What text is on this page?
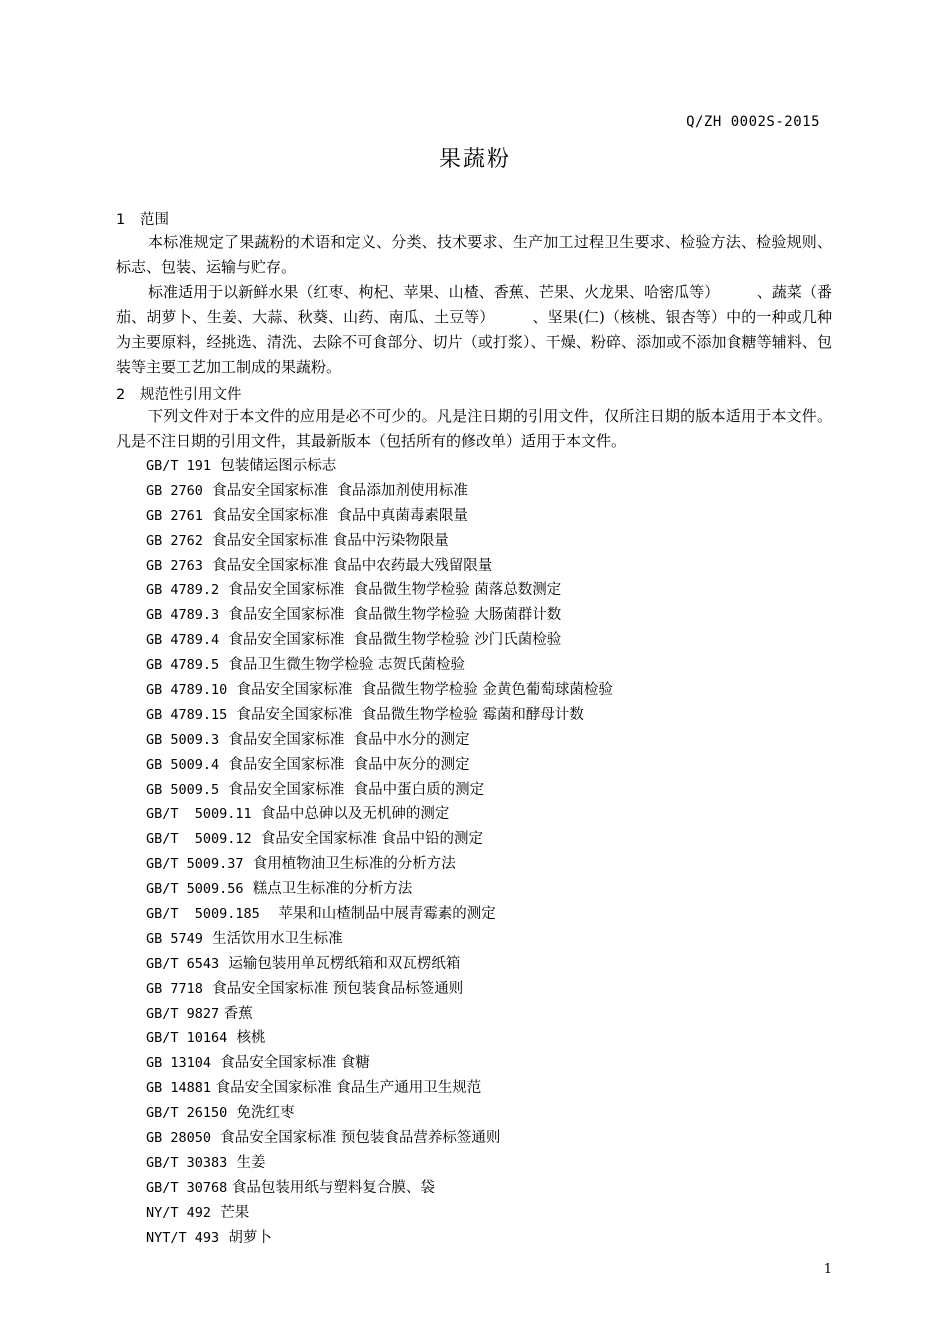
Q/ZH 0002S-2015
果蔬粉
1 范围

本标准规定了果蔬粉的术语和定义、分类、技术要求、生产加工过程卫生要求、检验方法、检验规则、标志、包装、运输与贮存。

标准适用于以新鲜水果（红枣、枸杞、苹果、山楂、香蕉、芒果、火龙果、哈密瓜等）　　　、蔬菜（番茄、胡萝卜、生姜、大蒜、秋葵、山药、南瓜、土豆等）　　　、坚果(仁)（核桃、银杏等）中的一种或几种为主要原料，经挑选、清洗、去除不可食部分、切片（或打浆）、干燥、粉碎、添加或不添加食糖等辅料、包装等主要工艺加工制成的果蔬粉。

2 规范性引用文件

下列文件对于本文件的应用是必不可少的。凡是注日期的引用文件，仅所注日期的版本适用于本文件。凡是不注日期的引用文件，其最新版本（包括所有的修改单）适用于本文件。

GB/T 191 包装储运图示标志
GB 2760 食品安全国家标准  食品添加剂使用标准
GB 2761 食品安全国家标准  食品中真菌毒素限量
GB 2762 食品安全国家标准 食品中污染物限量
GB 2763 食品安全国家标准 食品中农药最大残留限量
GB 4789.2 食品安全国家标准  食品微生物学检验 菌落总数测定
GB 4789.3 食品安全国家标准  食品微生物学检验 大肠菌群计数
GB 4789.4 食品安全国家标准  食品微生物学检验 沙门氏菌检验
GB 4789.5 食品卫生微生物学检验 志贺氏菌检验
GB 4789.10 食品安全国家标准  食品微生物学检验 金黄色葡萄球菌检验
GB 4789.15 食品安全国家标准  食品微生物学检验 霉菌和酵母计数
GB 5009.3 食品安全国家标准  食品中水分的测定
GB 5009.4 食品安全国家标准  食品中灰分的测定
GB 5009.5 食品安全国家标准  食品中蛋白质的测定
GB/T  5009.11 食品中总砷以及无机砷的测定
GB/T  5009.12 食品安全国家标准 食品中铅的测定
GB/T 5009.37 食用植物油卫生标准的分析方法
GB/T 5009.56 糕点卫生标准的分析方法
GB/T  5009.185 苹果和山楂制品中展青霉素的测定
GB 5749 生活饮用水卫生标准
GB/T 6543 运输包装用单瓦楞纸箱和双瓦楞纸箱
GB 7718 食品安全国家标准 预包装食品标签通则
GB/T 9827 香蕉
GB/T 10164 核桃
GB 13104 食品安全国家标准 食糖
GB 14881 食品安全国家标准 食品生产通用卫生规范
GB/T 26150 免洗红枣
GB 28050 食品安全国家标准 预包装食品营养标签通则
GB/T 30383 生姜
GB/T 30768 食品包装用纸与塑料复合膜、袋
NY/T 492 芒果
NYT/T 493 胡萝卜
1
